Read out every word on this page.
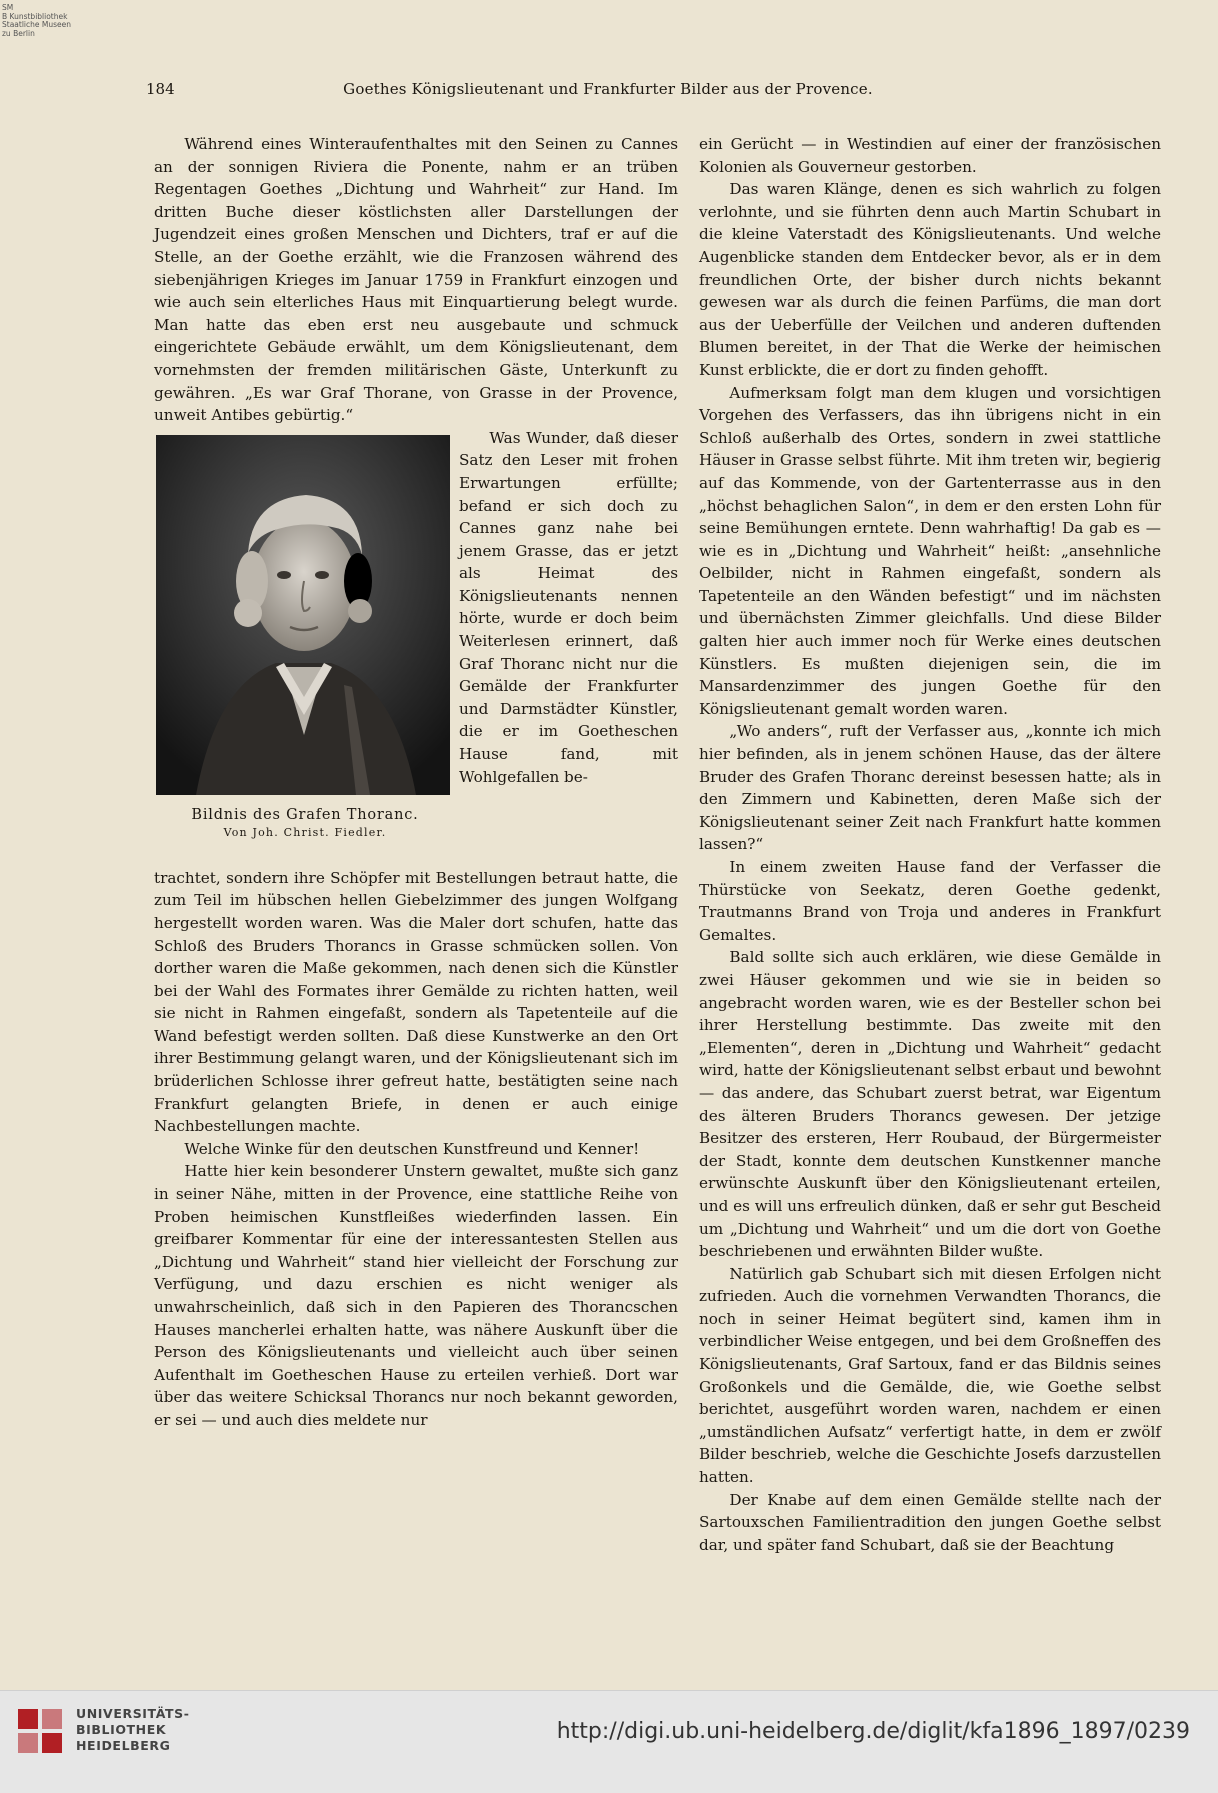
SM
B Kunstbibliothek
Staatliche Museen
zu Berlin
184	Goethes Königslieutenant und Frankfurter Bilder aus der Provence.

Während eines Winteraufenthaltes mit den Seinen zu Cannes an der sonnigen Riviera die Ponente, nahm er an trüben Regentagen Goethes „Dichtung und Wahrheit“ zur Hand. Im dritten Buche dieser köstlichsten aller Darstellungen der Jugendzeit eines großen Menschen und Dichters, traf er auf die Stelle, an der Goethe erzählt, wie die Franzosen während des siebenjährigen Krieges im Januar 1759 in Frankfurt einzogen und wie auch sein elterliches Haus mit Einquartierung belegt wurde. Man hatte das eben erst neu ausgebaute und schmuck eingerichtete Gebäude erwählt, um dem Königslieutenant, dem vornehmsten der fremden militärischen Gäste, Unterkunft zu gewähren. „Es war Graf Thorane, von Grasse in der Provence, unweit Antibes gebürtig.“

Bildnis des Grafen Thoranc.
Von Joh. Christ. Fiedler.

Was Wunder, daß dieser Satz den Leser mit frohen Erwartungen erfüllte; befand er sich doch zu Cannes ganz nahe bei jenem Grasse, das er jetzt als Heimat des Königslieutenants nennen hörte, wurde er doch beim Weiterlesen erinnert, daß Graf Thoranc nicht nur die Gemälde der Frankfurter und Darmstädter Künstler, die er im Goetheschen Hause fand, mit Wohlgefallen be-

trachtet, sondern ihre Schöpfer mit Bestellungen betraut hatte, die zum Teil im hübschen hellen Giebelzimmer des jungen Wolfgang hergestellt worden waren. Was die Maler dort schufen, hatte das Schloß des Bruders Thorancs in Grasse schmücken sollen. Von dorther waren die Maße gekommen, nach denen sich die Künstler bei der Wahl des Formates ihrer Gemälde zu richten hatten, weil sie nicht in Rahmen eingefaßt, sondern als Tapetenteile auf die Wand befestigt werden sollten. Daß diese Kunstwerke an den Ort ihrer Bestimmung gelangt waren, und der Königslieutenant sich im brüderlichen Schlosse ihrer gefreut hatte, bestätigten seine nach Frankfurt gelangten Briefe, in denen er auch einige Nachbestellungen machte.

Welche Winke für den deutschen Kunstfreund und Kenner!

Hatte hier kein besonderer Unstern gewaltet, mußte sich ganz in seiner Nähe, mitten in der Provence, eine stattliche Reihe von Proben heimischen Kunstfleißes wiederfinden lassen. Ein greifbarer Kommentar für eine der interessantesten Stellen aus „Dichtung und Wahrheit“ stand hier vielleicht der Forschung zur Verfügung, und dazu erschien es nicht weniger als unwahrscheinlich, daß sich in den Papieren des Thorancschen Hauses mancherlei erhalten hatte, was nähere Auskunft über die Person des Königslieutenants und vielleicht auch über seinen Aufenthalt im Goetheschen Hause zu erteilen verhieß. Dort war über das weitere Schicksal Thorancs nur noch bekannt geworden, er sei — und auch dies meldete nur

ein Gerücht — in Westindien auf einer der französischen Kolonien als Gouverneur gestorben.

Das waren Klänge, denen es sich wahrlich zu folgen verlohnte, und sie führten denn auch Martin Schubart in die kleine Vaterstadt des Königslieutenants. Und welche Augenblicke standen dem Entdecker bevor, als er in dem freundlichen Orte, der bisher durch nichts bekannt gewesen war als durch die feinen Parfüms, die man dort aus der Ueberfülle der Veilchen und anderen duftenden Blumen bereitet, in der That die Werke der heimischen Kunst erblickte, die er dort zu finden gehofft.

Aufmerksam folgt man dem klugen und vorsichtigen Vorgehen des Verfassers, das ihn übrigens nicht in ein Schloß außerhalb des Ortes, sondern in zwei stattliche Häuser in Grasse selbst führte. Mit ihm treten wir, begierig auf das Kommende, von der Gartenterrasse aus in den „höchst behaglichen Salon“, in dem er den ersten Lohn für seine Bemühungen erntete. Denn wahrhaftig! Da gab es — wie es in „Dichtung und Wahrheit“ heißt: „ansehnliche Oelbilder, nicht in Rahmen eingefaßt, sondern als Tapetenteile an den Wänden befestigt“ und im nächsten und übernächsten Zimmer gleichfalls. Und diese Bilder galten hier auch immer noch für Werke eines deutschen Künstlers. Es mußten diejenigen sein, die im Mansardenzimmer des jungen Goethe für den Königslieutenant gemalt worden waren.

„Wo anders“, ruft der Verfasser aus, „konnte ich mich hier befinden, als in jenem schönen Hause, das der ältere Bruder des Grafen Thoranc dereinst besessen hatte; als in den Zimmern und Kabinetten, deren Maße sich der Königslieutenant seiner Zeit nach Frankfurt hatte kommen lassen?“

In einem zweiten Hause fand der Verfasser die Thürstücke von Seekatz, deren Goethe gedenkt, Trautmanns Brand von Troja und anderes in Frankfurt Gemaltes.

Bald sollte sich auch erklären, wie diese Gemälde in zwei Häuser gekommen und wie sie in beiden so angebracht worden waren, wie es der Besteller schon bei ihrer Herstellung bestimmte. Das zweite mit den „Elementen“, deren in „Dichtung und Wahrheit“ gedacht wird, hatte der Königslieutenant selbst erbaut und bewohnt — das andere, das Schubart zuerst betrat, war Eigentum des älteren Bruders Thorancs gewesen. Der jetzige Besitzer des ersteren, Herr Roubaud, der Bürgermeister der Stadt, konnte dem deutschen Kunstkenner manche erwünschte Auskunft über den Königslieutenant erteilen, und es will uns erfreulich dünken, daß er sehr gut Bescheid um „Dichtung und Wahrheit“ und um die dort von Goethe beschriebenen und erwähnten Bilder wußte.

Natürlich gab Schubart sich mit diesen Erfolgen nicht zufrieden. Auch die vornehmen Verwandten Thorancs, die noch in seiner Heimat begütert sind, kamen ihm in verbindlicher Weise entgegen, und bei dem Großneffen des Königslieutenants, Graf Sartoux, fand er das Bildnis seines Großonkels und die Gemälde, die, wie Goethe selbst berichtet, ausgeführt worden waren, nachdem er einen „umständlichen Aufsatz“ verfertigt hatte, in dem er zwölf Bilder beschrieb, welche die Geschichte Josefs darzustellen hatten.

Der Knabe auf dem einen Gemälde stellte nach der Sartouxschen Familientradition den jungen Goethe selbst dar, und später fand Schubart, daß sie der Beachtung

UNIVERSITÄTS-
BIBLIOTHEK
HEIDELBERG
http://digi.ub.uni-heidelberg.de/diglit/kfa1896_1897/0239
